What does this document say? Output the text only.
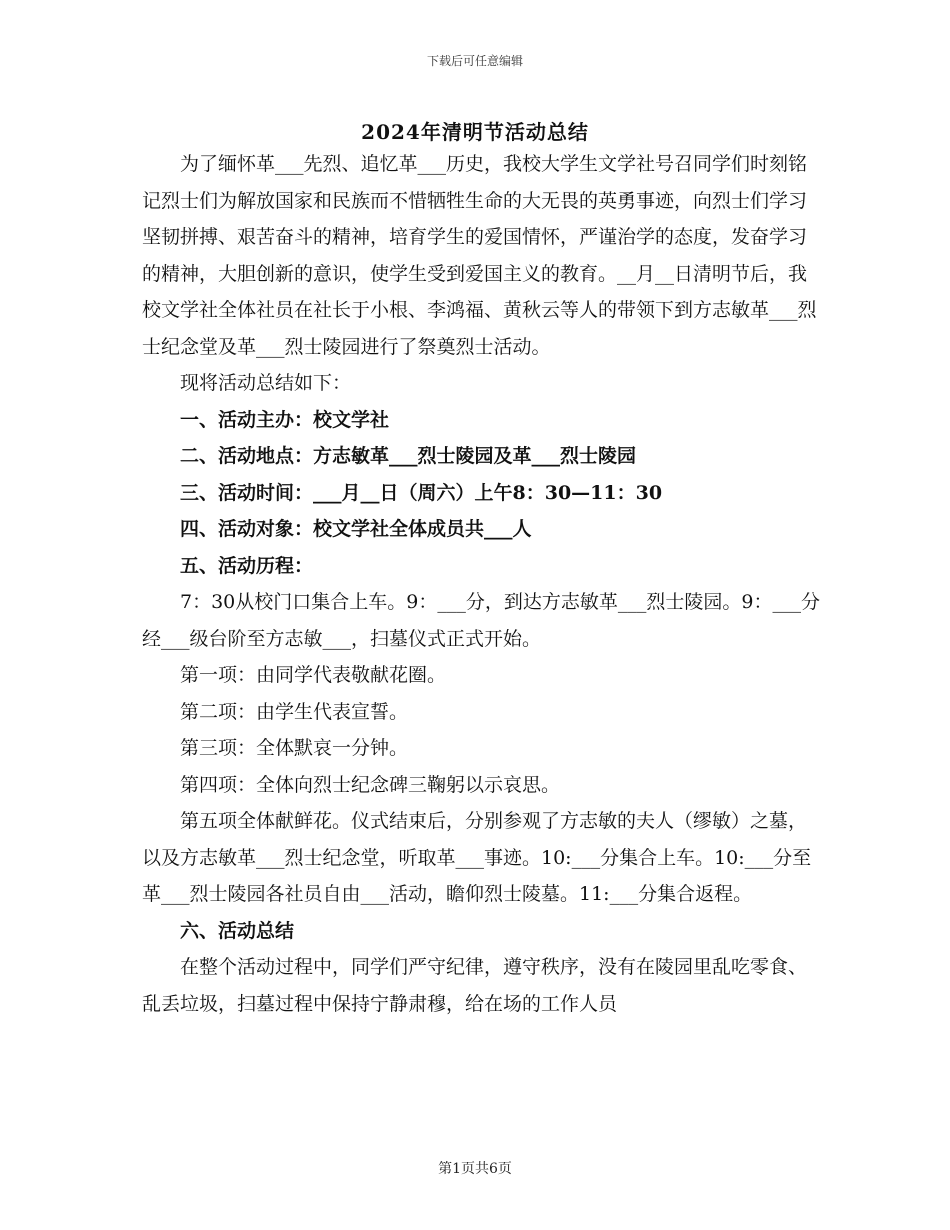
下载后可任意编辑
2024年清明节活动总结

为了缅怀革___先烈、追忆革___历史，我校大学生文学社号召同学们时刻铭记烈士们为解放国家和民族而不惜牺牲生命的大无畏的英勇事迹，向烈士们学习坚韧拼搏、艰苦奋斗的精神，培育学生的爱国情怀，严谨治学的态度，发奋学习的精神，大胆创新的意识，使学生受到爱国主义的教育。__月__日清明节后，我校文学社全体社员在社长于小根、李鸿福、黄秋云等人的带领下到方志敏革___烈士纪念堂及革___烈士陵园进行了祭奠烈士活动。

现将活动总结如下：

一、活动主办：校文学社

二、活动地点：方志敏革___烈士陵园及革___烈士陵园

三、活动时间：___月__日（周六）上午8：30—11：30

四、活动对象：校文学社全体成员共___人

五、活动历程：

7：30从校门口集合上车。9：___分，到达方志敏革___烈士陵园。9：___分经___级台阶至方志敏___，扫墓仪式正式开始。

第一项：由同学代表敬献花圈。

第二项：由学生代表宣誓。

第三项：全体默哀一分钟。

第四项：全体向烈士纪念碑三鞠躬以示哀思。

第五项全体献鲜花。仪式结束后，分别参观了方志敏的夫人（缪敏）之墓，以及方志敏革___烈士纪念堂，听取革___事迹。10:___分集合上车。10:___分至革___烈士陵园各社员自由___活动，瞻仰烈士陵墓。11:___分集合返程。

六、活动总结

在整个活动过程中，同学们严守纪律，遵守秩序，没有在陵园里乱吃零食、乱丢垃圾，扫墓过程中保持宁静肃穆，给在场的工作人员

第1页共6页
